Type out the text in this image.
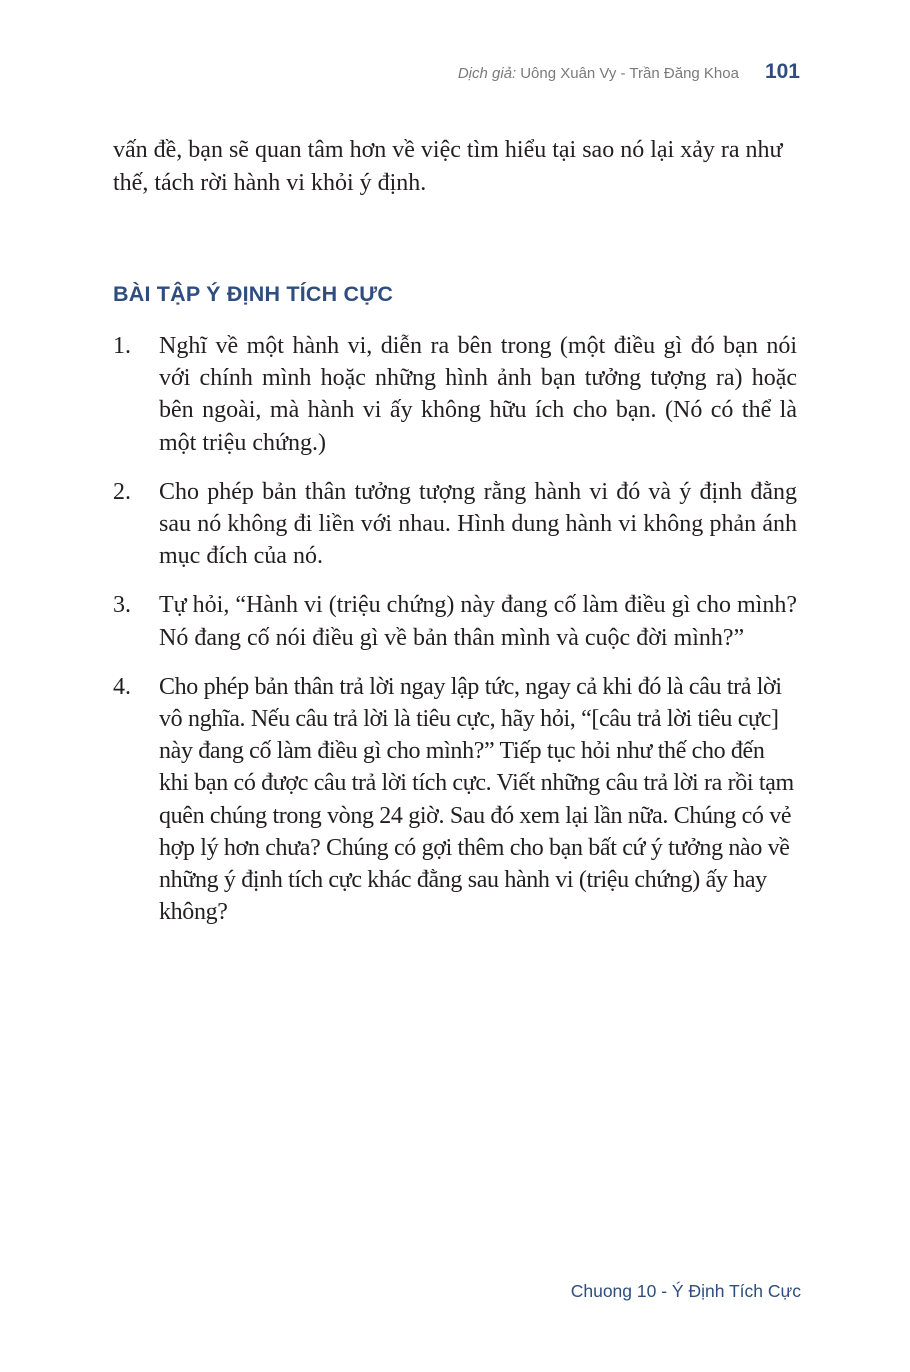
Dịch giả: Uông Xuân Vy - Trần Đăng Khoa 101

vấn đề, bạn sẽ quan tâm hơn về việc tìm hiểu tại sao nó lại xảy ra như thế, tách rời hành vi khỏi ý định.

BÀI TẬP Ý ĐỊNH TÍCH CỰC
1.	Nghĩ về một hành vi, diễn ra bên trong (một điều gì đó bạn nói với chính mình hoặc những hình ảnh bạn tưởng tượng ra) hoặc bên ngoài, mà hành vi ấy không hữu ích cho bạn. (Nó có thể là một triệu chứng.)
2.	Cho phép bản thân tưởng tượng rằng hành vi đó và ý định đằng sau nó không đi liền với nhau. Hình dung hành vi không phản ánh mục đích của nó.
3.	Tự hỏi, “Hành vi (triệu chứng) này đang cố làm điều gì cho mình? Nó đang cố nói điều gì về bản thân mình và cuộc đời mình?”
4.	Cho phép bản thân trả lời ngay lập tức, ngay cả khi đó là câu trả lời vô nghĩa. Nếu câu trả lời là tiêu cực, hãy hỏi, “[câu trả lời tiêu cực] này đang cố làm điều gì cho mình?” Tiếp tục hỏi như thế cho đến khi bạn có được câu trả lời tích cực. Viết những câu trả lời ra rồi tạm quên chúng trong vòng 24 giờ. Sau đó xem lại lần nữa. Chúng có vẻ hợp lý hơn chưa? Chúng có gợi thêm cho bạn bất cứ ý tưởng nào về những ý định tích cực khác đằng sau hành vi (triệu chứng) ấy hay không?
Chuong 10 - Ý Định Tích Cực
